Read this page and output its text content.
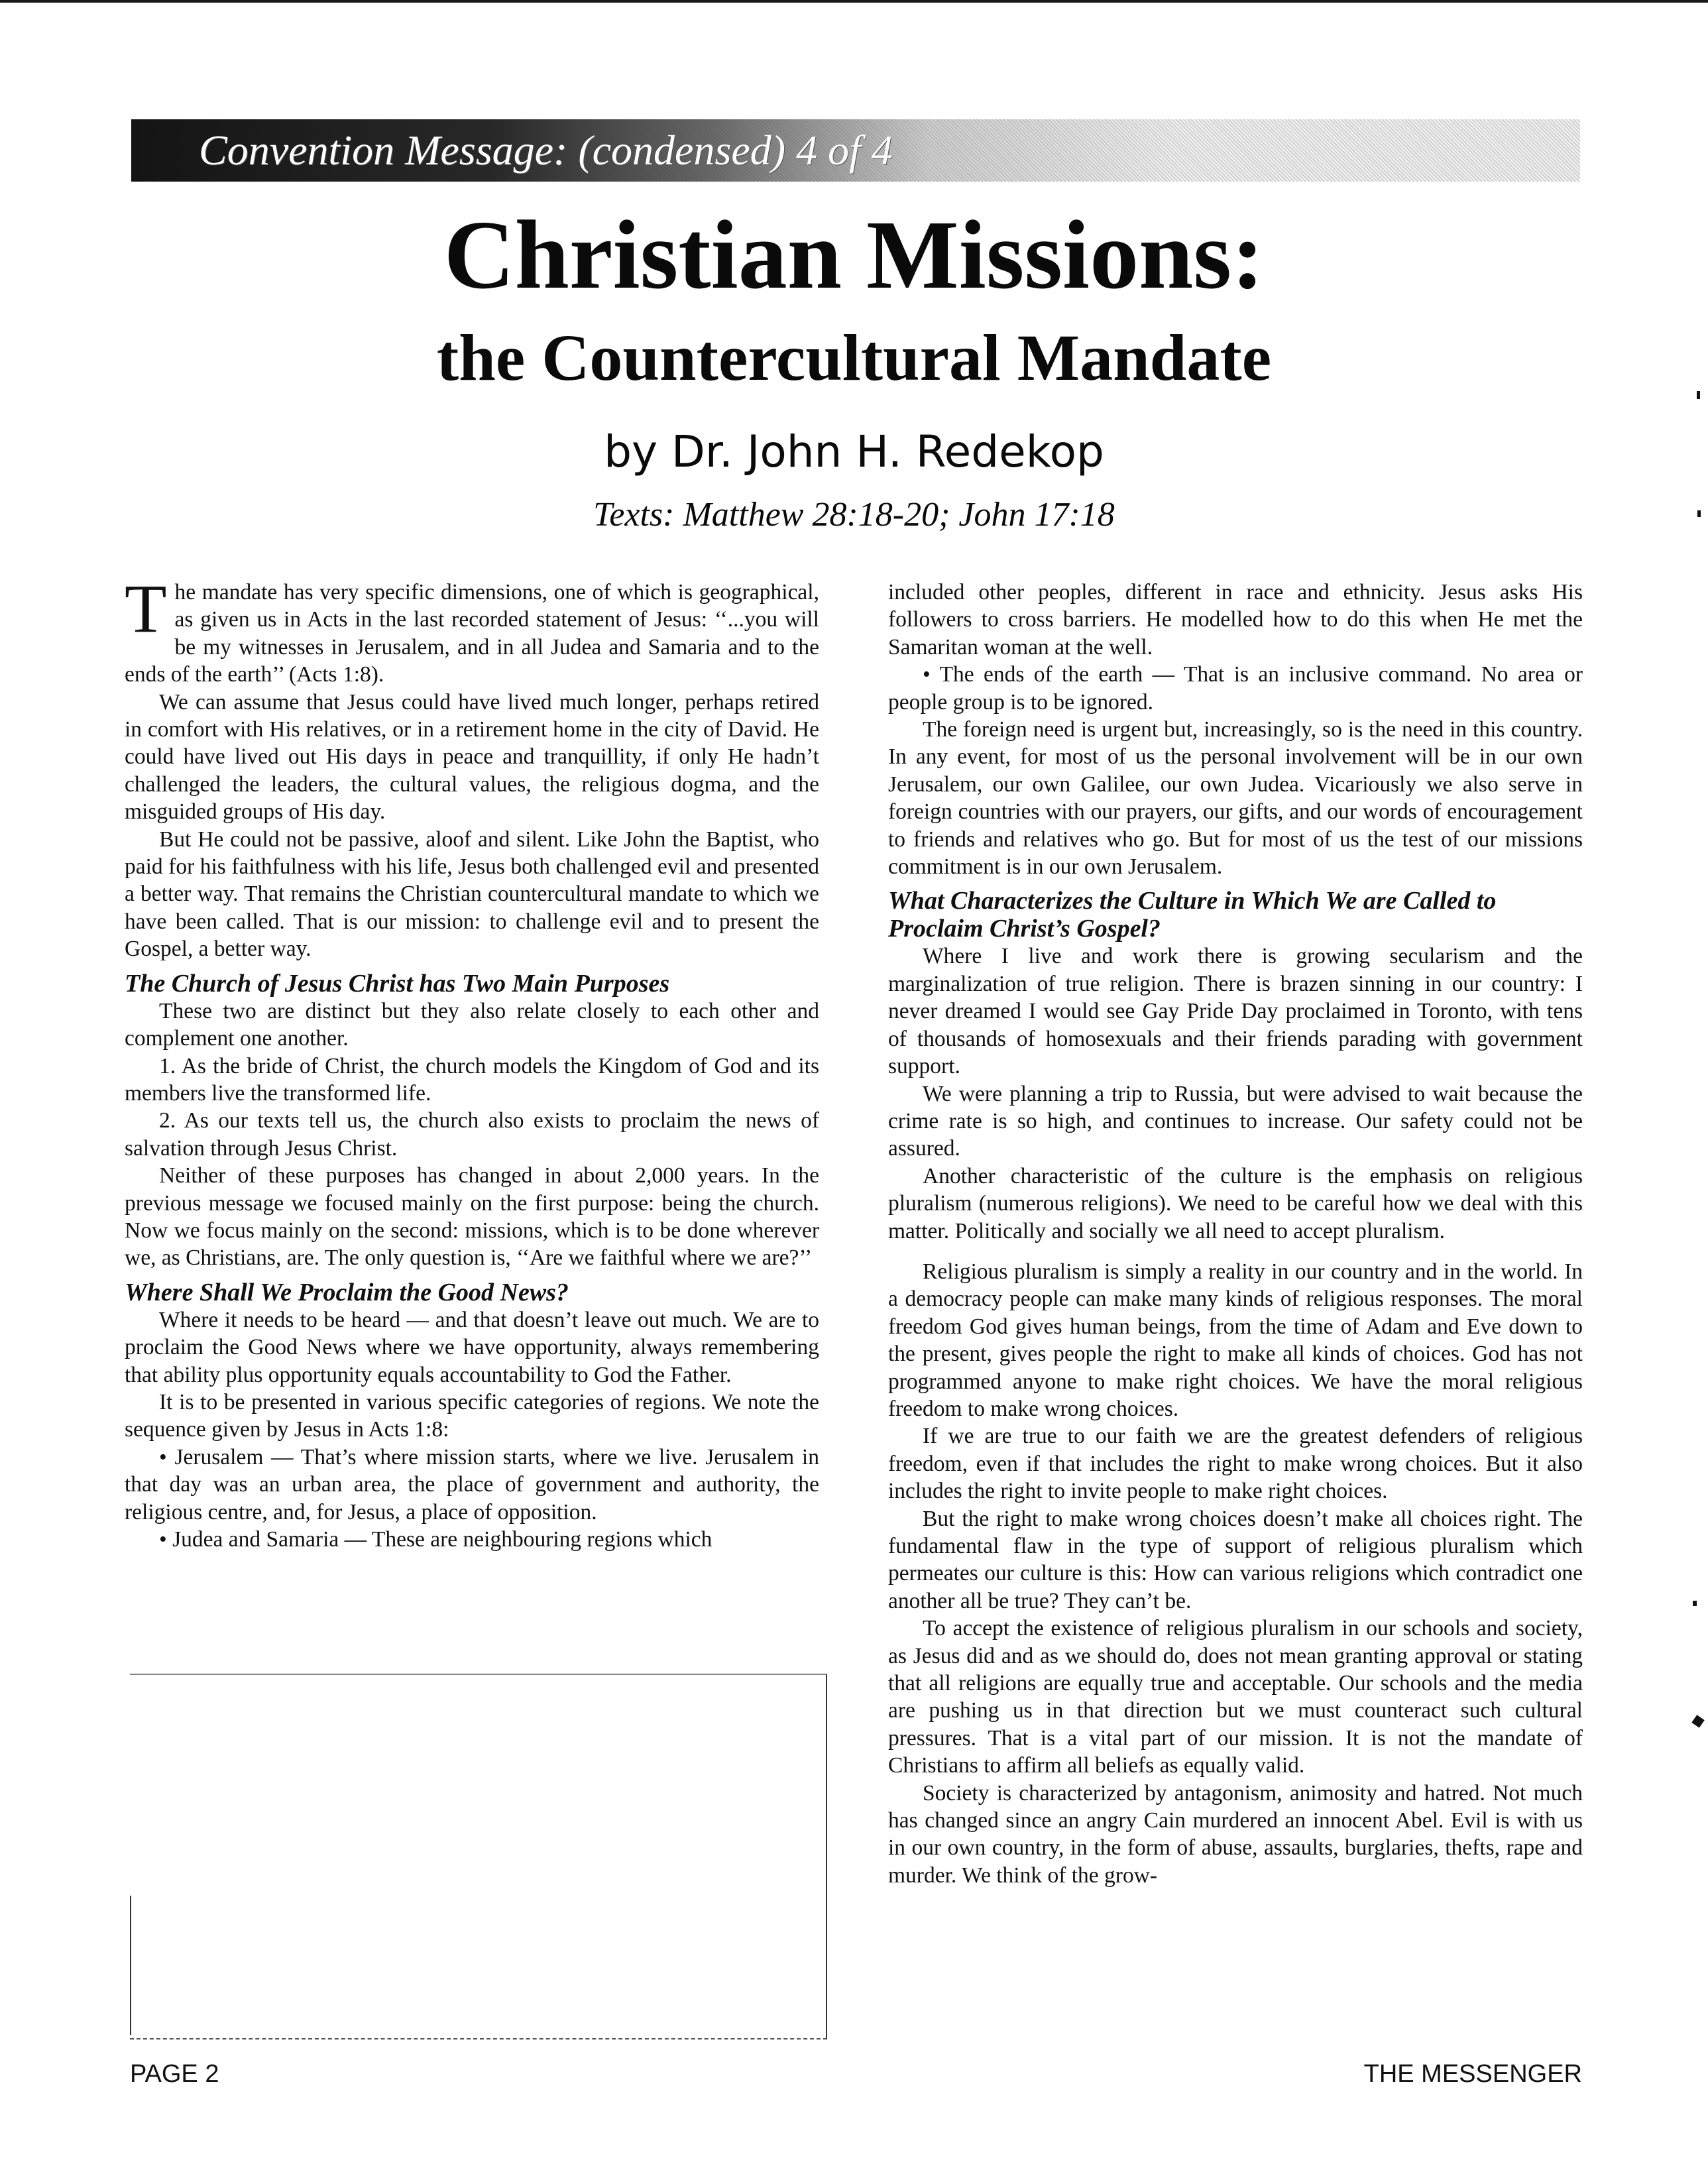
Convention Message: (condensed) 4 of 4
Christian Missions:
the Countercultural Mandate
by Dr. John H. Redekop
Texts: Matthew 28:18-20; John 17:18

The mandate has very specific dimensions, one of which is geographical, as given us in Acts in the last recorded statement of Jesus: ‘‘...you will be my witnesses in Jerusalem, and in all Judea and Samaria and to the ends of the earth’’ (Acts 1:8).

We can assume that Jesus could have lived much longer, perhaps retired in comfort with His relatives, or in a retirement home in the city of David. He could have lived out His days in peace and tranquillity, if only He hadn’t challenged the leaders, the cultural values, the religious dogma, and the misguided groups of His day.

But He could not be passive, aloof and silent. Like John the Baptist, who paid for his faithfulness with his life, Jesus both challenged evil and presented a better way. That remains the Christian countercultural mandate to which we have been called. That is our mission: to challenge evil and to present the Gospel, a better way.

The Church of Jesus Christ has Two Main Purposes

These two are distinct but they also relate closely to each other and complement one another.

1. As the bride of Christ, the church models the Kingdom of God and its members live the transformed life.

2. As our texts tell us, the church also exists to proclaim the news of salvation through Jesus Christ.

Neither of these purposes has changed in about 2,000 years. In the previous message we focused mainly on the first purpose: being the church. Now we focus mainly on the second: missions, which is to be done wherever we, as Christians, are. The only question is, ‘‘Are we faithful where we are?’’

Where Shall We Proclaim the Good News?

Where it needs to be heard — and that doesn’t leave out much. We are to proclaim the Good News where we have opportunity, always remembering that ability plus opportunity equals accountability to God the Father.

It is to be presented in various specific categories of regions. We note the sequence given by Jesus in Acts 1:8:

• Jerusalem — That’s where mission starts, where we live. Jerusalem in that day was an urban area, the place of government and authority, the religious centre, and, for Jesus, a place of opposition.

• Judea and Samaria — These are neighbouring regions which

included other peoples, different in race and ethnicity. Jesus asks His followers to cross barriers. He modelled how to do this when He met the Samaritan woman at the well.

• The ends of the earth — That is an inclusive command. No area or people group is to be ignored.

The foreign need is urgent but, increasingly, so is the need in this country. In any event, for most of us the personal involvement will be in our own Jerusalem, our own Galilee, our own Judea. Vicariously we also serve in foreign countries with our prayers, our gifts, and our words of encouragement to friends and relatives who go. But for most of us the test of our missions commitment is in our own Jerusalem.

What Characterizes the Culture in Which We are Called to Proclaim Christ’s Gospel?

Where I live and work there is growing secularism and the marginalization of true religion. There is brazen sinning in our country: I never dreamed I would see Gay Pride Day proclaimed in Toronto, with tens of thousands of homosexuals and their friends parading with government support.

We were planning a trip to Russia, but were advised to wait because the crime rate is so high, and continues to increase. Our safety could not be assured.

Another characteristic of the culture is the emphasis on religious pluralism (numerous religions). We need to be careful how we deal with this matter. Politically and socially we all need to accept pluralism.

Religious pluralism is simply a reality in our country and in the world. In a democracy people can make many kinds of religious responses. The moral freedom God gives human beings, from the time of Adam and Eve down to the present, gives people the right to make all kinds of choices. God has not programmed anyone to make right choices. We have the moral religious freedom to make wrong choices.

If we are true to our faith we are the greatest defenders of religious freedom, even if that includes the right to make wrong choices. But it also includes the right to invite people to make right choices.

But the right to make wrong choices doesn’t make all choices right. The fundamental flaw in the type of support of religious pluralism which permeates our culture is this: How can various religions which contradict one another all be true? They can’t be.

To accept the existence of religious pluralism in our schools and society, as Jesus did and as we should do, does not mean granting approval or stating that all religions are equally true and acceptable. Our schools and the media are pushing us in that direction but we must counteract such cultural pressures. That is a vital part of our mission. It is not the mandate of Christians to affirm all beliefs as equally valid.

Society is characterized by antagonism, animosity and hatred. Not much has changed since an angry Cain murdered an innocent Abel. Evil is with us in our own country, in the form of abuse, assaults, burglaries, thefts, rape and murder. We think of the grow-

PAGE 2	THE MESSENGER
